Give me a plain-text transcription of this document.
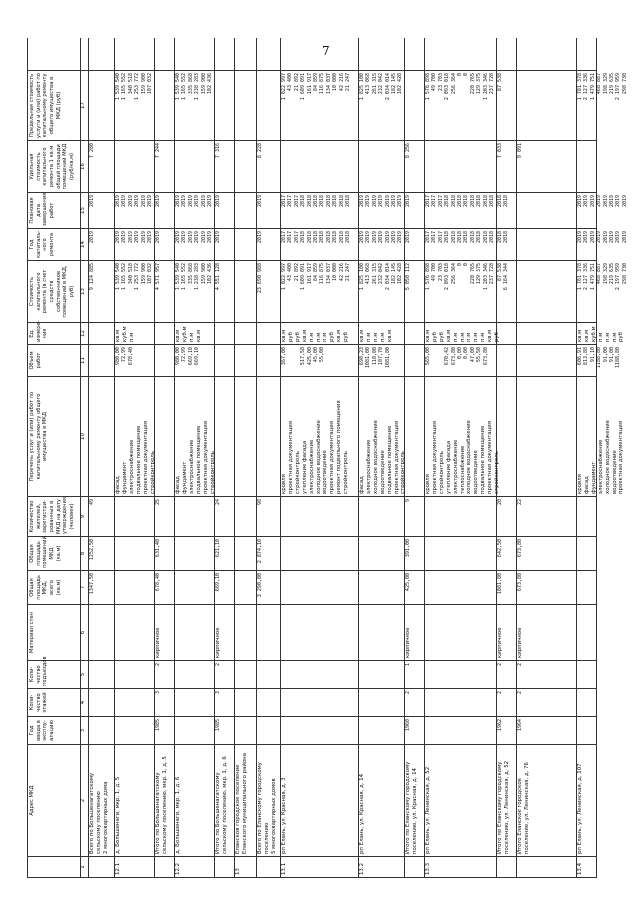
7
Адрес МКД
Год ввода в эксплу-атацию
Коли-чество этажей
Коли-чество подъездов
Материал стен
Общая площадь МКД, всего (кв.м)
Общая площадь помещений МКД (кв.м)
Количество жителей, зарегистри-рованных в МКД на дату утверждения (человек)
Перечень услуг и (или) работ по капитальному ремонту общего имущества в МКД
Объем работ
Ед. измере-ния
Стоимость капитального ремонта (в счет средств собственников помещений в МКД, руб)
Год капиталь-ного ремонта
Плановая дата завершения работ
Удельная стоимость капитального ремонта 1 кв.м общей площади помещений МКД (руб/кв.м)
Предельная стоимость услуги и (или) работ по капитальному ремонту общего имущества в МКД (руб)
1
2
3
4
5
6
7
8
9
10
11
12
13
14
15
16
17
Всего по Большенагатскому сельскому поселению
2 многоквартирных дома
1347,50
1252,50
49
9 124 885
2019
2019
7 280
12.1
д. Большенаги, мкр. 1, д. 5
фасад
фундамент
электроснабжение
подвальное помещение
проектная документация
стройконтроль
980,00
72,99
678,40
кв.м
куб.м
п.м
1 539 540
1 165 552
340 518
1 253 772
159 900
107 032
2019
2019
2019
2019
2019
2019
2019
2019
2019
2019
2019
2019
1 539 540
1 165 552
340 518
1 253 772
159 900
107 032
Итого по Большенагатскому сельскому поселению, мкр. 1, д. 5
1985
3
2
кирпичное
678,40
631,40
25
4 571 957
2019
2019
7 244
12.2
д. Большенаги, мкр. 1, д. 6
фасад
фундамент
электроснабжение
подвальное помещение
проектная документация
стройконтроль
980,00
72,99
669,10
669,10
кв.м
куб.м
п.м
кв.м
1 539 540
1 165 552
335 868
1 238 283
159 900
102 436
2019
2019
2019
2019
2019
2019
2019
2019
2019
2019
2019
2019
1 539 540
1 165 552
335 868
1 238 283
159 900
102 436
Итого по Большенагатскому сельскому поселению, мкр. 1, д. 6
1985
3
2
кирпичное
669,10
621,10
24
4 551 128
2019
2019
7 316
13
Елансков городское поселение Еланского муниципального района	Всего по Еланскому городскому поселению
5 многоквартирных домов
3 290,00
2 874,10
98
23 690 988
2019
2019
8 228
13.1
рп Елань, ул. Красная, д. 3
кровля
проектная документация
стройконтроль
утепление фасада
электроснабжение
холодное водоснабжение
водоотведение
проектная документация
ремонт подвального помещения
стройконтроль
367,00

517,58
425,00
45,00
55,00
кв.м
руб
руб
кв.м
п.м
п.м
п.м
руб
кв.м
руб
1 022 997
43 400
21 892
1 609 091
161 917
84 859
116 875
134 037
10 000
42 216
21 247
2017
2017
2017
2018
2018
2018
2018
2018
2018
2018
2018
2017
2017
2017
2018
2018
2018
2018
2018
2018
2018
2018
1 022 997
43 400
21 892
1 609 091
161 917
84 859
116 875
134 037
10 000
42 216
21 247
13.2
рп Елань, ул. Красная, д. 14
фасад
электроснабжение
холодное водоснабжение
водоотведение
подвальное помещение
проектная документация
стройконтроль
698,23
1081,00
110,00
107,70
1081,80
кв.м
п.м
п.м
п.м
кв.м
1 825 100
413 068
261 315
232 042
2 034 014
182 145
102 428
2019
2019
2019
2019
2019
2019
2019
2019
2019
2019
2019
2019
2019
2019
1 825 100
413 068
261 315
232 042
2 034 014
182 145
102 428
Итого по Еланскому городскому поселению, ул. Красная, д. 14
1960
2
1
кирпичное
425,00
391,00
9
5 050 112
2019
2019
8 256
13.3
рп Елань, ул. Ленинская, д. 52
кровля
проектная документация
стройконтроль
утепление фасада
электроснабжение
теплоснабжение
холодное водоснабжение
водоотведение
подвальное помещение
проектная документация
стройконтроль
565,00

670,42
673,80
0,00
0,00
47,00
55,50
673,80
кв.м
руб
руб
кв.м
п.м
п.м
п.м
п.м
п.м
кв.м
руб
1 576 898
49 700
23 703
2 093 018
256 364
0
0
220 765
129 375
1 203 346
237 728
2017
2017
2017
2018
2018
2018
2018
2018
2018
2018
2018
2017
2017
2017
2018
2018
2018
2018
2018
2018
2018
2018
1 576 898
49 700
23 703
2 093 018
256 364
0
0
220 765
129 375
1 203 346
237 728
Итого по Еланскому городскому поселению, ул. Ленинская, д. 52
1962
2
2
кирпичное
1081,80
642,50
20
87 538
6 164 344
2018
2018
2018
2018
7 033
87 538
Итого Еланское городское поселение, ул. Ленинская, д. 76
1964
2
2
кирпичное
673,80
673,80
22
9 091
13.4
рп Елань, ул. Ленинская, д. 107
кровля
фасад
фундамент
электроснабжение
холодное водоснабжение
водоотведение
проектная документация
606,91
813,88
91,10
1188,80
91,00
91,00
1188,80
кв.м
кв.м
куб.м
п.м
п.м
п.м
руб
1 781 378
2 127 336
1 479 751
468 887
198 329
219 635
2 197 959
298 730
2019
2019
2019
2019
2019
2019
2019
2019
2019
2019
2019
2019
2019
2019
2019
2019
1 781 378
2 127 336
1 479 751
468 887
198 329
219 635
2 197 959
298 730
